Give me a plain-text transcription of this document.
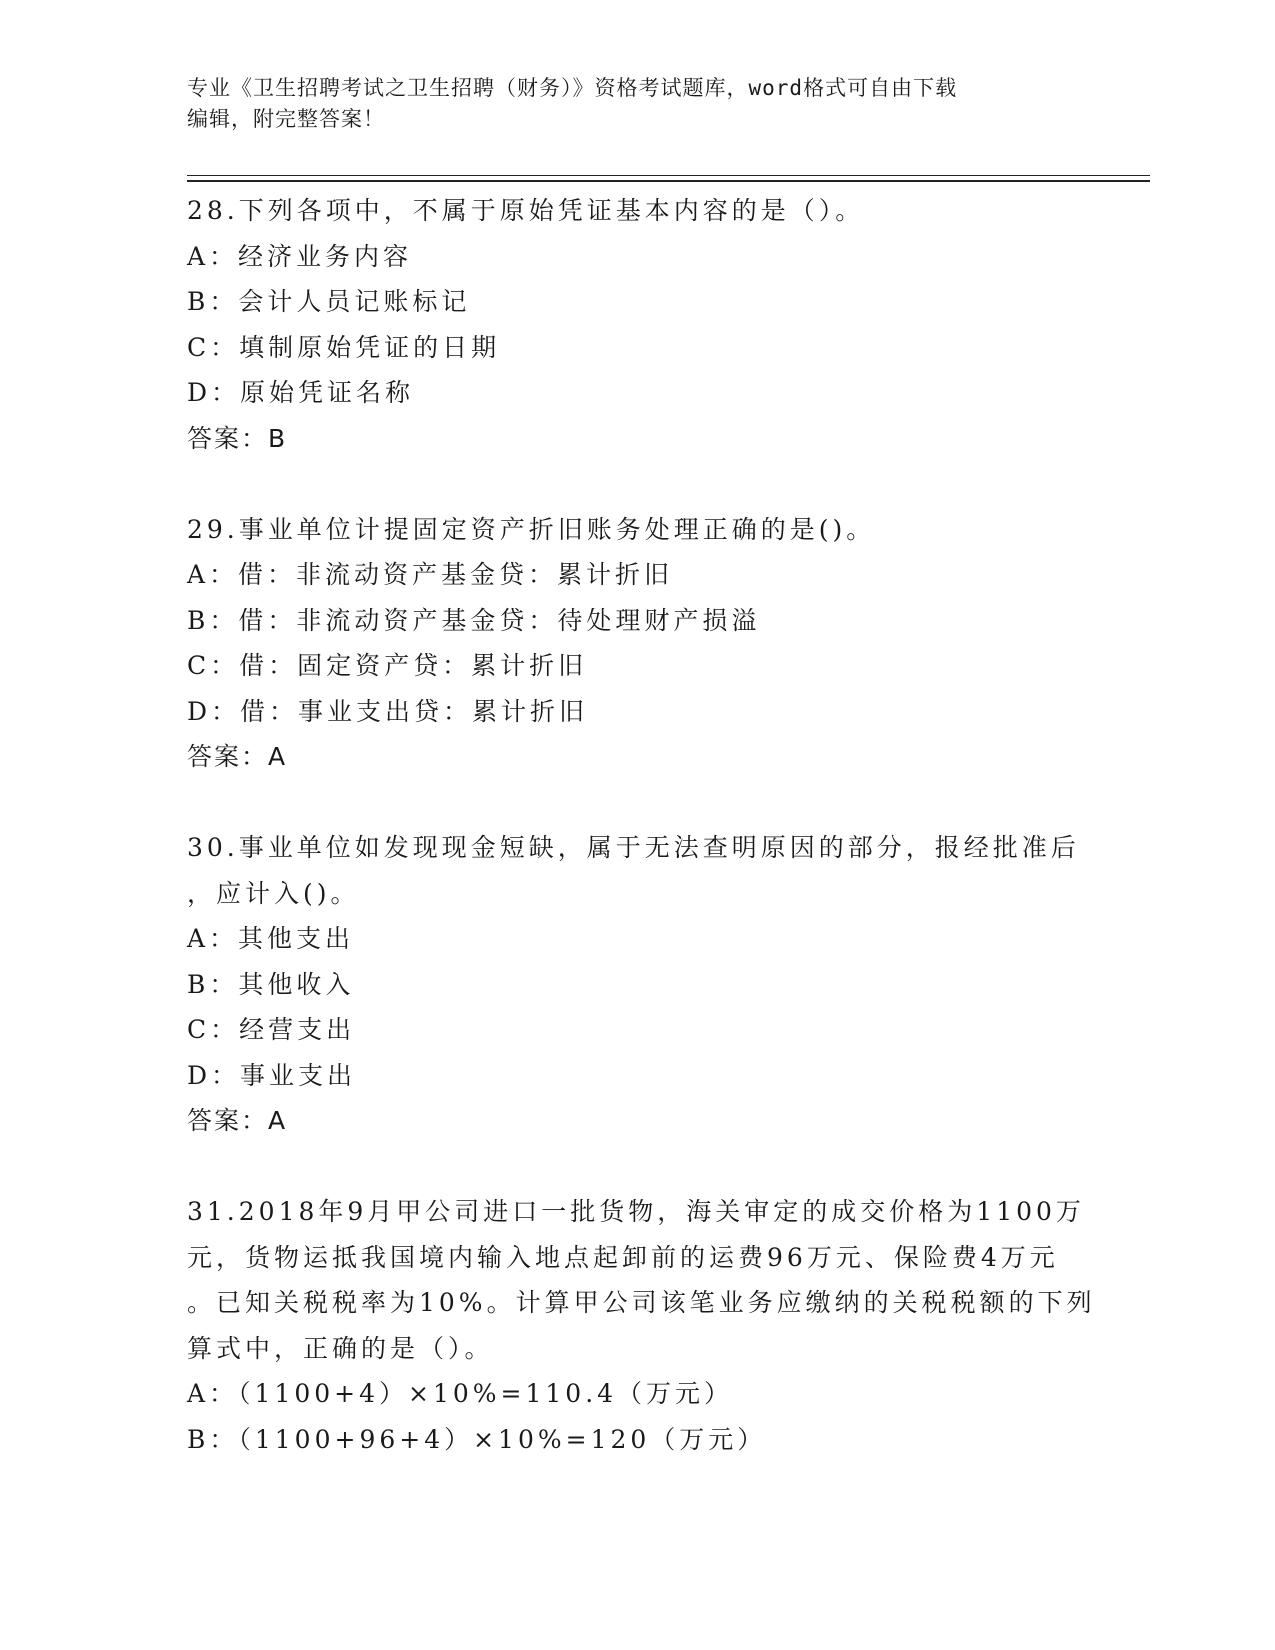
专业《卫生招聘考试之卫生招聘（财务）》资格考试题库，word格式可自由下载
编辑，附完整答案！
28.下列各项中，不属于原始凭证基本内容的是（）。
A：经济业务内容
B：会计人员记账标记
C：填制原始凭证的日期
D：原始凭证名称
答案：B
29.事业单位计提固定资产折旧账务处理正确的是()。
A：借：非流动资产基金贷：累计折旧
B：借：非流动资产基金贷：待处理财产损溢
C：借：固定资产贷：累计折旧
D：借：事业支出贷：累计折旧
答案：A
30.事业单位如发现现金短缺，属于无法查明原因的部分，报经批准后
，应计入()。
A：其他支出
B：其他收入
C：经营支出
D：事业支出
答案：A
31.2018年9月甲公司进口一批货物，海关审定的成交价格为1100万
元，货物运抵我国境内输入地点起卸前的运费96万元、保险费4万元
。已知关税税率为10%。计算甲公司该笔业务应缴纳的关税税额的下列
算式中，正确的是（）。
A：（1100+4）×10%=110.4（万元）
B：（1100+96+4）×10%=120（万元）
